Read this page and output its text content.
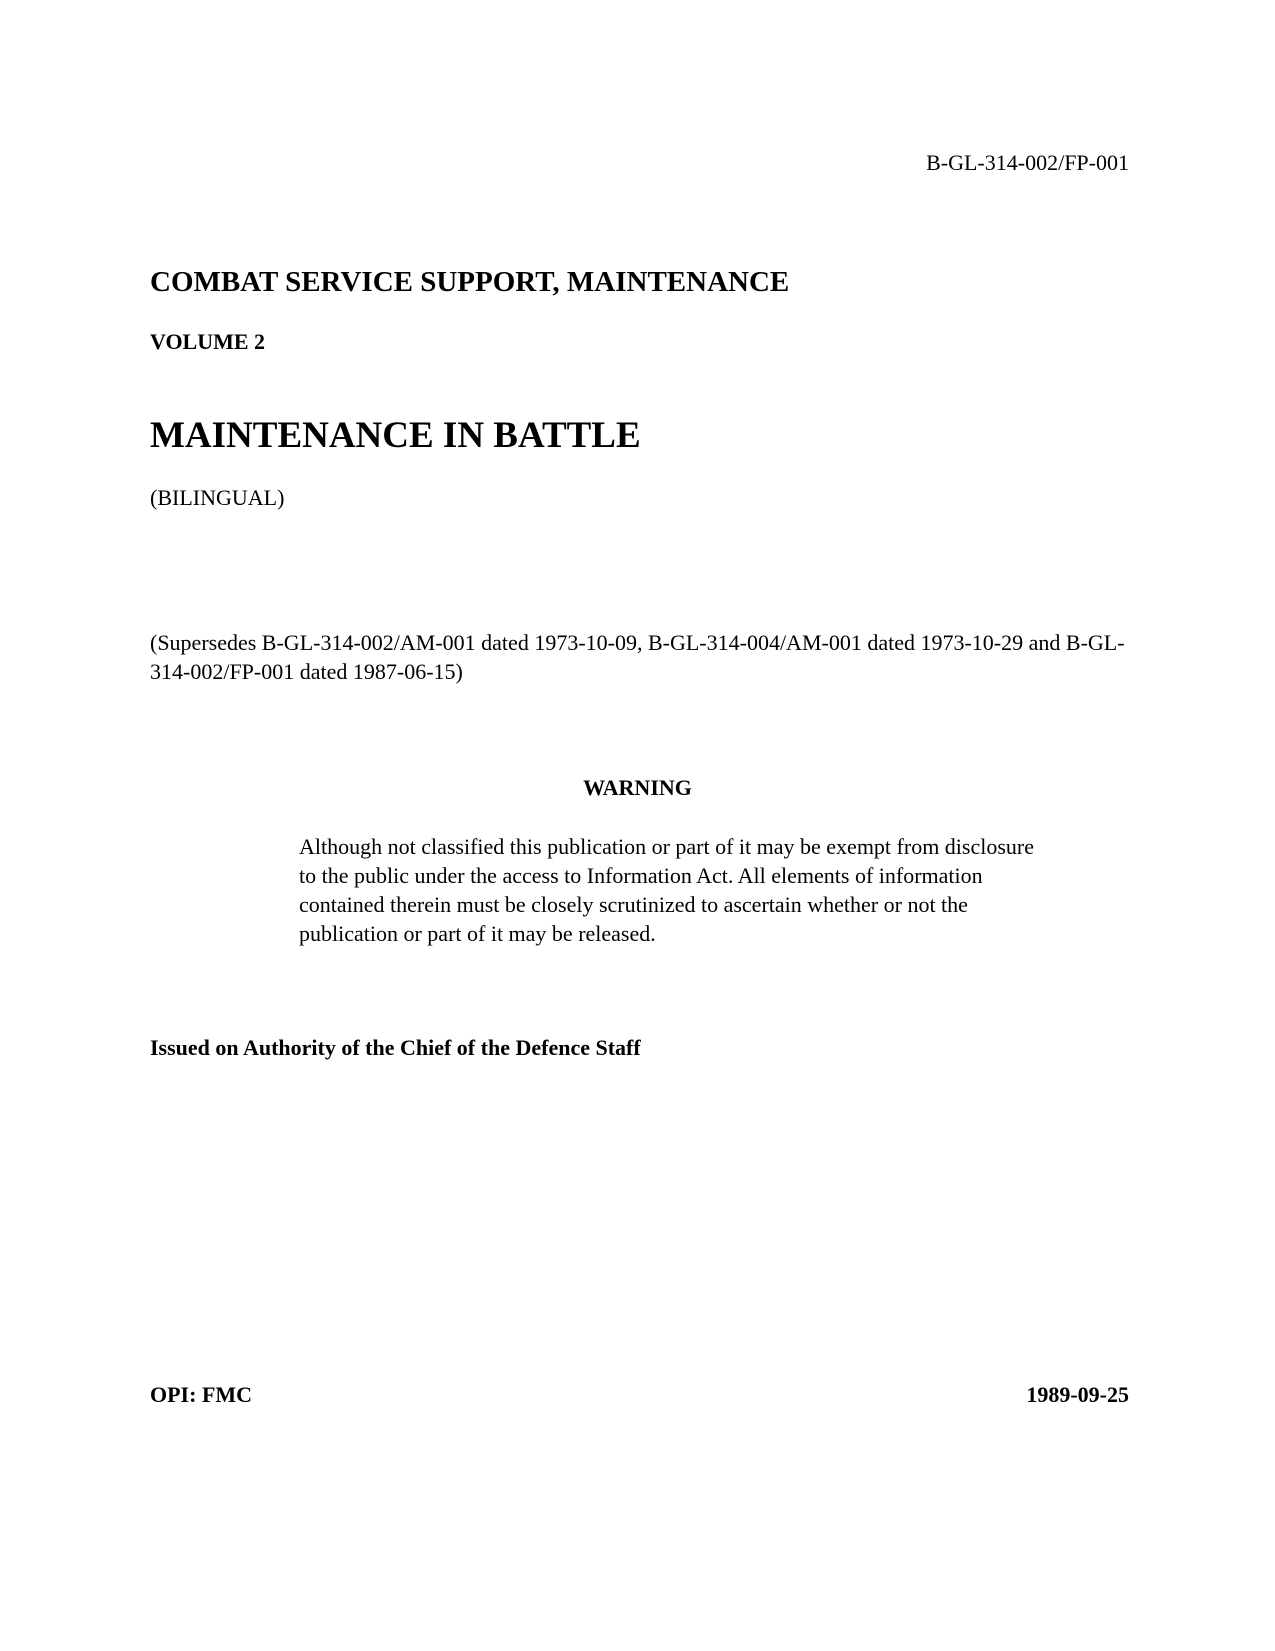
B-GL-314-002/FP-001
COMBAT SERVICE SUPPORT, MAINTENANCE
VOLUME 2
MAINTENANCE IN BATTLE
(BILINGUAL)
(Supersedes B-GL-314-002/AM-001 dated 1973-10-09, B-GL-314-004/AM-001 dated 1973-10-29 and B-GL-314-002/FP-001 dated 1987-06-15)
WARNING
Although not classified this publication or part of it may be exempt from disclosure to the public under the access to Information Act. All elements of information contained therein must be closely scrutinized to ascertain whether or not the publication or part of it may be released.
Issued on Authority of the Chief of the Defence Staff
OPI: FMC	1989-09-25
